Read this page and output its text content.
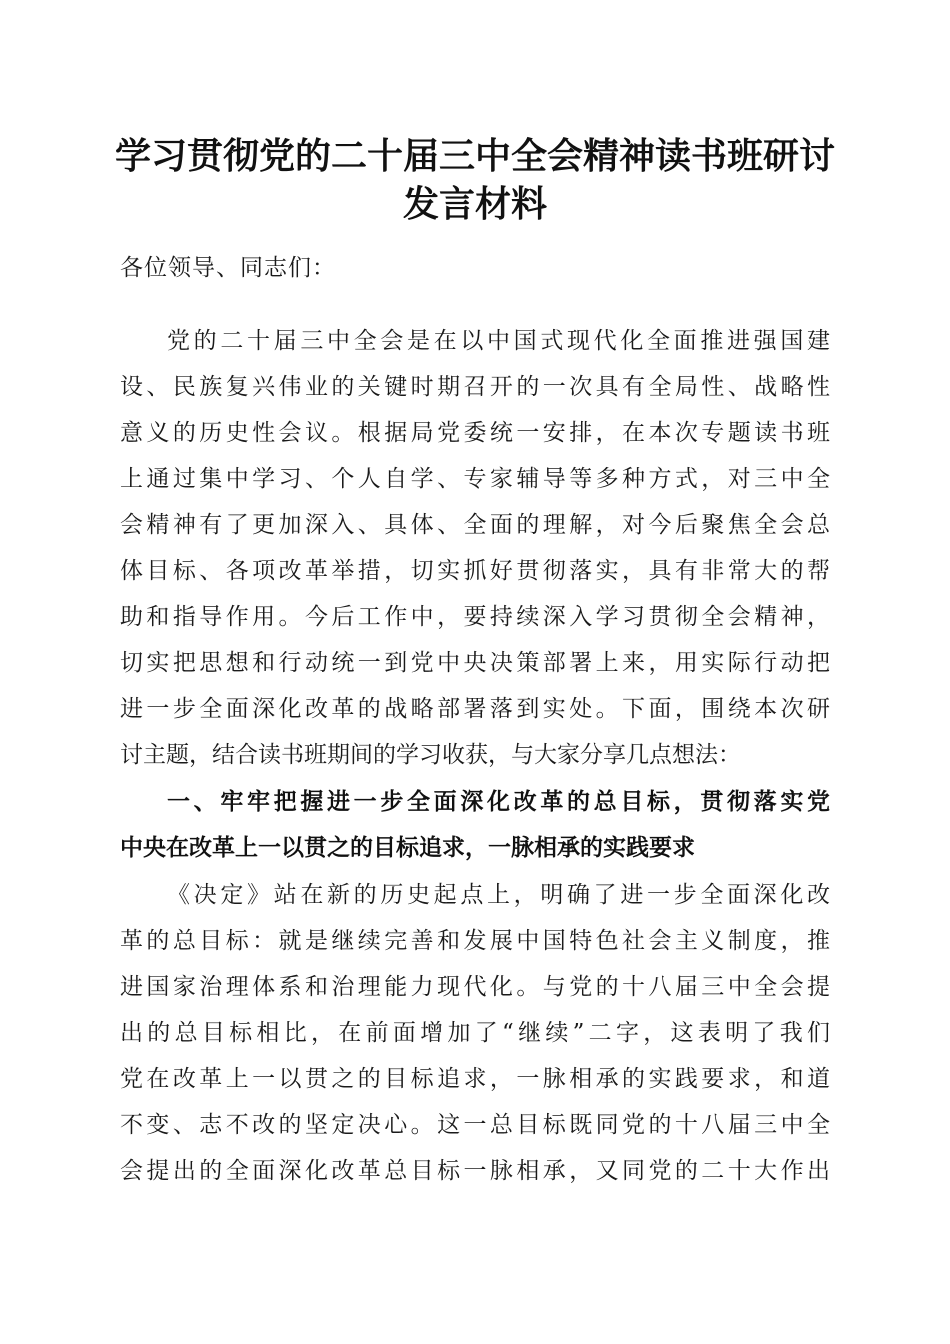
学习贯彻党的二十届三中全会精神读书班研讨
发言材料
各位领导、同志们：
党的二十届三中全会是在以中国式现代化全面推进强国建
设、民族复兴伟业的关键时期召开的一次具有全局性、战略性
意义的历史性会议。根据局党委统一安排，在本次专题读书班
上通过集中学习、个人自学、专家辅导等多种方式，对三中全
会精神有了更加深入、具体、全面的理解，对今后聚焦全会总
体目标、各项改革举措，切实抓好贯彻落实，具有非常大的帮
助和指导作用。今后工作中，要持续深入学习贯彻全会精神，
切实把思想和行动统一到党中央决策部署上来，用实际行动把
进一步全面深化改革的战略部署落到实处。下面，围绕本次研
讨主题，结合读书班期间的学习收获，与大家分享几点想法：
一、牢牢把握进一步全面深化改革的总目标，贯彻落实党
中央在改革上一以贯之的目标追求，一脉相承的实践要求
《决定》站在新的历史起点上，明确了进一步全面深化改
革的总目标：就是继续完善和发展中国特色社会主义制度，推
进国家治理体系和治理能力现代化。与党的十八届三中全会提
出的总目标相比，在前面增加了“继续”二字，这表明了我们
党在改革上一以贯之的目标追求，一脉相承的实践要求，和道
不变、志不改的坚定决心。这一总目标既同党的十八届三中全
会提出的全面深化改革总目标一脉相承，又同党的二十大作出
